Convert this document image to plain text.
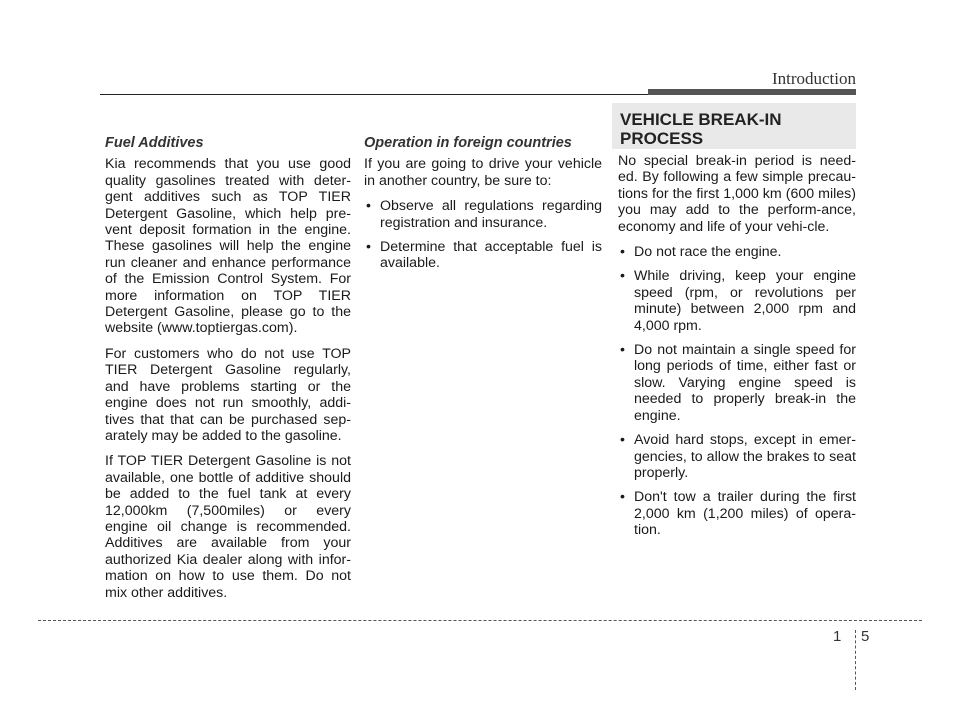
Introduction
Fuel Additives

Kia recommends that you use good quality gasolines treated with deter-gent additives such as TOP TIER Detergent Gasoline, which help pre-vent deposit formation in the engine. These gasolines will help the engine run cleaner and enhance performance of the Emission Control System. For more information on TOP TIER Detergent Gasoline, please go to the website (www.toptiergas.com).

For customers who do not use TOP TIER Detergent Gasoline regularly, and have problems starting or the engine does not run smoothly, addi-tives that that can be purchased sep-arately may be added to the gasoline.

If TOP TIER Detergent Gasoline is not available, one bottle of additive should be added to the fuel tank at every 12,000km (7,500miles) or every engine oil change is recommended. Additives are available from your authorized Kia dealer along with infor-mation on how to use them. Do not mix other additives.

Operation in foreign countries

If you are going to drive your vehicle in another country, be sure to:

• Observe all regulations regarding registration and insurance.
• Determine that acceptable fuel is available.
VEHICLE BREAK-IN PROCESS

No special break-in period is need-ed. By following a few simple precau-tions for the first 1,000 km (600 miles) you may add to the perform-ance, economy and life of your vehi-cle.

• Do not race the engine.
• While driving, keep your engine speed (rpm, or revolutions per minute) between 2,000 rpm and 4,000 rpm.
• Do not maintain a single speed for long periods of time, either fast or slow. Varying engine speed is needed to properly break-in the engine.
• Avoid hard stops, except in emer-gencies, to allow the brakes to seat properly.
• Don't tow a trailer during the first 2,000 km (1,200 miles) of opera-tion.
1 5
